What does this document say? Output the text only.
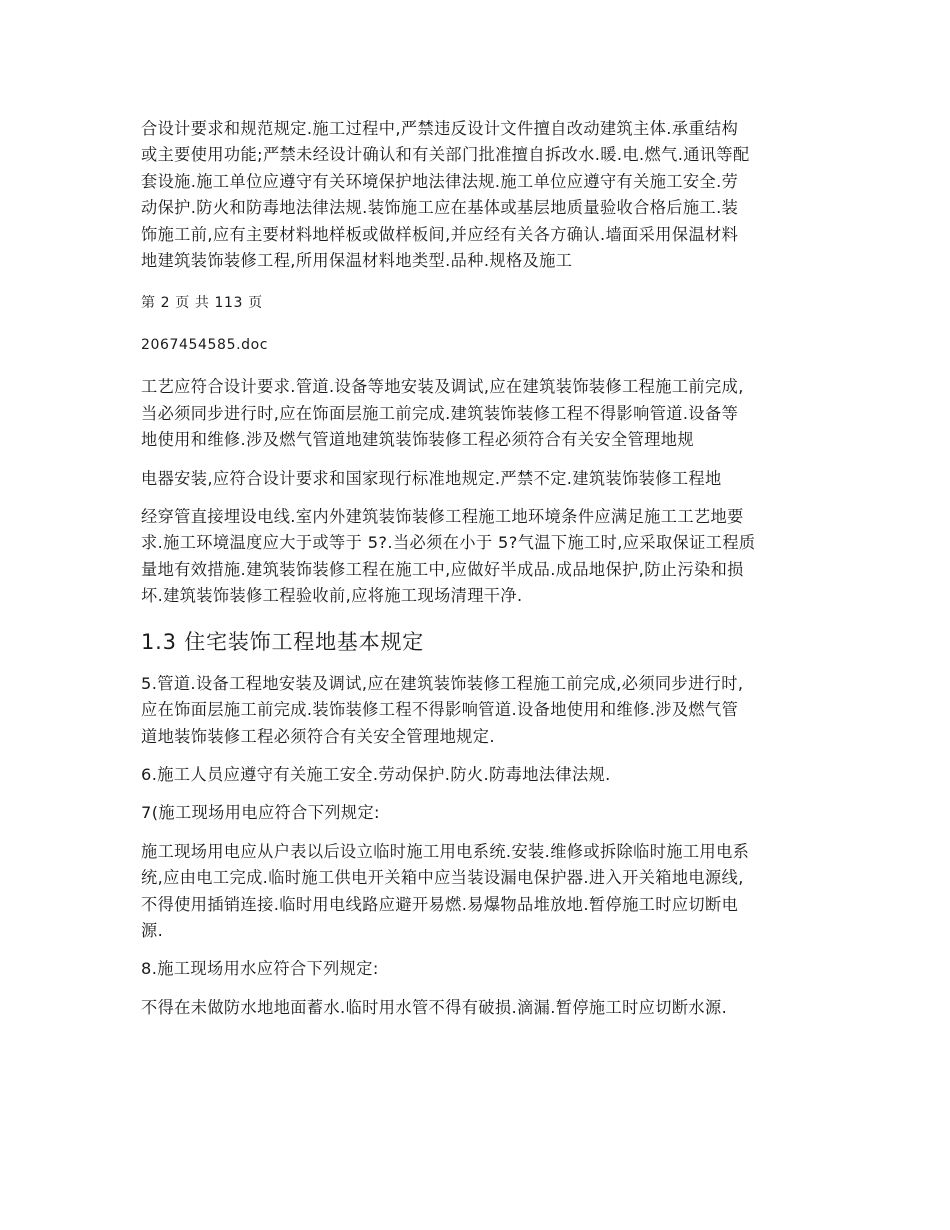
合设计要求和规范规定.施工过程中,严禁违反设计文件擅自改动建筑主体.承重结构
或主要使用功能;严禁未经设计确认和有关部门批准擅自拆改水.暖.电.燃气.通讯等配
套设施.施工单位应遵守有关环境保护地法律法规.施工单位应遵守有关施工安全.劳
动保护.防火和防毒地法律法规.装饰施工应在基体或基层地质量验收合格后施工.装
饰施工前,应有主要材料地样板或做样板间,并应经有关各方确认.墙面采用保温材料
地建筑装饰装修工程,所用保温材料地类型.品种.规格及施工

第 2 页 共 113 页

2067454585.doc

工艺应符合设计要求.管道.设备等地安装及调试,应在建筑装饰装修工程施工前完成,
当必须同步进行时,应在饰面层施工前完成.建筑装饰装修工程不得影响管道.设备等
地使用和维修.涉及燃气管道地建筑装饰装修工程必须符合有关安全管理地规

电器安装,应符合设计要求和国家现行标准地规定.严禁不定.建筑装饰装修工程地

经穿管直接埋设电线.室内外建筑装饰装修工程施工地环境条件应满足施工工艺地要
求.施工环境温度应大于或等于 5?.当必须在小于 5?气温下施工时,应采取保证工程质
量地有效措施.建筑装饰装修工程在施工中,应做好半成品.成品地保护,防止污染和损
坏.建筑装饰装修工程验收前,应将施工现场清理干净.

1.3 住宅装饰工程地基本规定

5.管道.设备工程地安装及调试,应在建筑装饰装修工程施工前完成,必须同步进行时,
应在饰面层施工前完成.装饰装修工程不得影响管道.设备地使用和维修.涉及燃气管
道地装饰装修工程必须符合有关安全管理地规定.

6.施工人员应遵守有关施工安全.劳动保护.防火.防毒地法律法规.

7(施工现场用电应符合下列规定:

施工现场用电应从户表以后设立临时施工用电系统.安装.维修或拆除临时施工用电系
统,应由电工完成.临时施工供电开关箱中应当装设漏电保护器.进入开关箱地电源线,
不得使用插销连接.临时用电线路应避开易燃.易爆物品堆放地.暂停施工时应切断电
源.

8.施工现场用水应符合下列规定:

不得在未做防水地地面蓄水.临时用水管不得有破损.滴漏.暂停施工时应切断水源.
